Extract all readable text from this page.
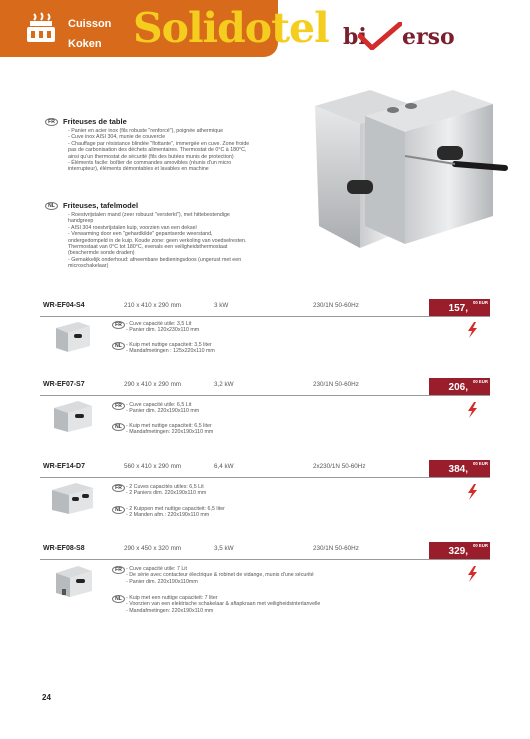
Cuisson
Koken Solidotel bi erso
FR Friteuses de table
- Panier en acier inox (fils robuste "renforcé"), poignée athermique
- Cuve inox AISI 304, munie de couvercle
- Chauffage par résistance blindée "flottante", immergée en cuve. Zone froide
pas de carbonisation des déchets alimentaires. Thermostat de 0°C à 180°C,
ainsi qu'un thermostat de sécurité (fils des butées munis de protection)
- Éléments facile: boîtier de commandes amovibles (réunis d'un micro
interrupteur), éléments démontables et lavables en machine
NL Friteuses, tafelmodel
- Roestvrijstalen mand (zeer robuust "versterkt"), met hittebestendige
handgreep
- AISI 304 roestvrijstalen kuip, voorzien van een deksel
- Verwarming door een "gehardkilde" gepantserde weerstand,
ondergedompeld in de kuip. Koude zone: geen verkoling van voedselresten.
Thermostaat van 0°C tot 180°C, evenals een veiligheidsthermostaat
(beschermde sonde draden)
- Gemakkelijk onderhoud: afneembare bedieningsdoos (ungerust met een
microschakelaar)
WR-EF04-S4	210 x 410 x 290 mm	3 kW	230/1N 50-60Hz	157,
00 EUR
FR - Cuve capacité utile: 3,5 Lit
- Panier dim. 120x230x110 mm
NL - Kuip met nuttige capaciteit: 3,5 liter
- Mandafmetingen : 125x220x110 mm
WR-EF07-S7	290 x 410 x 290 mm	3,2 kW	230/1N 50-60Hz	206,
00 EUR
FR - Cuve capacité utile: 6,5 Lit
- Panier dim. 220x190x110 mm
NL - Kuip met nuttige capaciteit: 6,5 liter
- Mandafmetingen: 220x190x110 mm
WR-EF14-D7	560 x 410 x 290 mm	6,4 kW	2x230/1N 50-60Hz	384,
00 EUR
FR - 2 Cuves capacités utiles: 6,5 Lit
- 2 Paniers dim. 220x190x110 mm
NL - 2 Kuippen met nuttige capaciteit: 6,5 liter
- 2 Manden afm.: 220x190x110 mm
WR-EF08-S8	290 x 450 x 320 mm	3,5 kW	230/1N 50-60Hz	329,
00 EUR
FR - Cuve capacité utile: 7 Lit
- De série avec contacteur électrique & robinet de vidange, munis d'une sécurité
- Panier dim. 220x190x110mm
NL - Kuip met een nuttige capaciteit: 7 liter
- Voorzien van een elektrische schakelaar & aftapkraan met veiligheidsinterlanvelle
- Mandafmetingen: 220x190x110 mm
24
